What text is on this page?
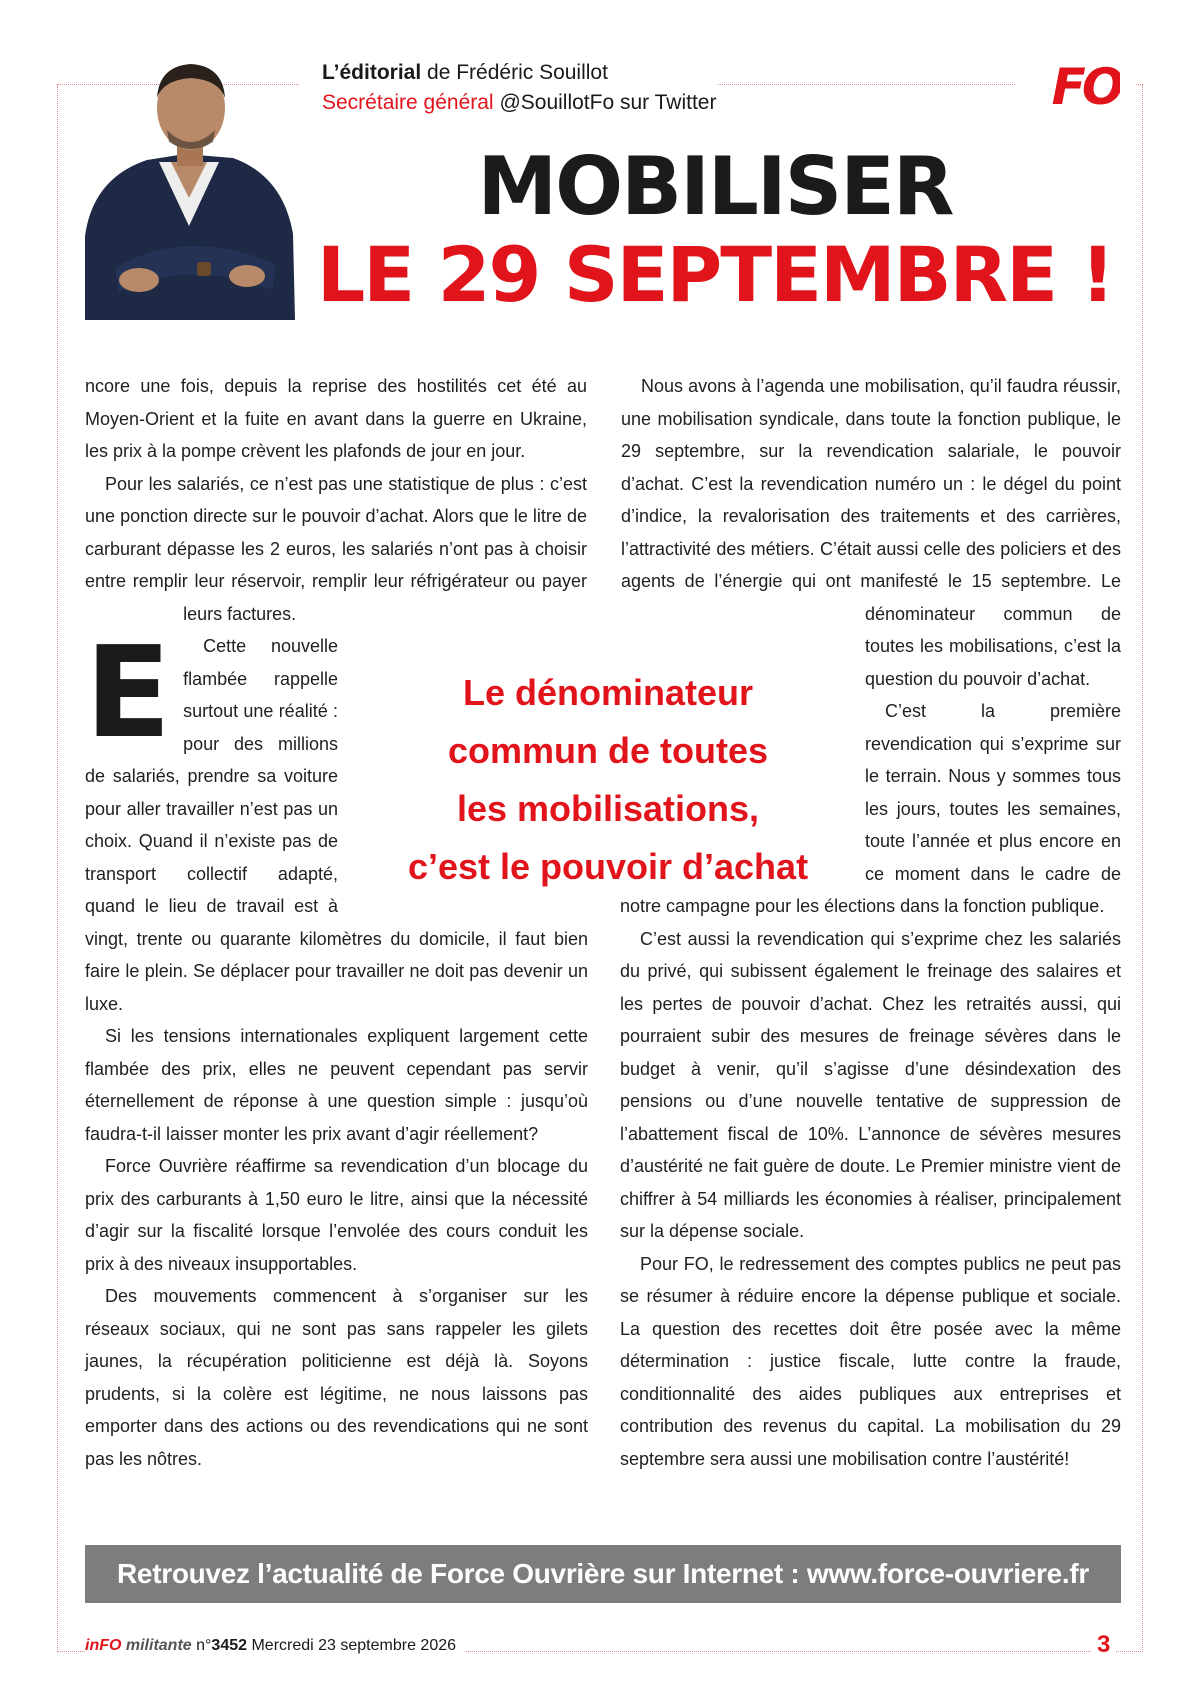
L’éditorial de Frédéric Souillot
Secrétaire général @SouillotFo sur Twitter	FO
MOBILISER
LE 29 SEPTEMBRE !

E
ncore une fois, depuis la reprise des hostilités cet été au Moyen-Orient et la fuite en avant dans la guerre en Ukraine, les prix à la pompe crèvent les plafonds de jour en jour.

Pour les salariés, ce n’est pas une statistique de plus : c’est une ponction directe sur le pouvoir d’achat. Alors que le litre de carburant dépasse les 2 euros, les salariés n’ont pas à choisir entre remplir leur réservoir, remplir leur réfrigérateur ou payer leurs factures.

Cette nouvelle flambée rappelle surtout une réalité : pour des millions de salariés, prendre sa voiture pour aller travailler n’est pas un choix. Quand il n’existe pas de transport collectif adapté, quand le lieu de travail est à vingt, trente ou quarante kilomètres du domicile, il faut bien faire le plein. Se déplacer pour travailler ne doit pas devenir un luxe.

Si les tensions internationales expliquent largement cette flambée des prix, elles ne peuvent cependant pas servir éternellement de réponse à une question simple : jusqu’où faudra-t-il laisser monter les prix avant d’agir réellement?

Force Ouvrière réaffirme sa revendication d’un blocage du prix des carburants à 1,50 euro le litre, ainsi que la nécessité d’agir sur la fiscalité lorsque l’envolée des cours conduit les prix à des niveaux insupportables.

Des mouvements commencent à s’organiser sur les réseaux sociaux, qui ne sont pas sans rappeler les gilets jaunes, la récupération politicienne est déjà là. Soyons prudents, si la colère est légitime, ne nous laissons pas emporter dans des actions ou des revendications qui ne sont pas les nôtres.

Nous avons à l’agenda une mobilisation, qu’il faudra réussir, une mobilisation syndicale, dans toute la fonction publique, le 29 septembre, sur la revendication salariale, le pouvoir d’achat. C’est la revendication numéro un : le dégel du point d’indice, la revalorisation des traitements et des carrières, l’attractivité des métiers. C’était aussi celle des policiers et des agents de l’énergie qui ont manifesté le 15 septembre. Le dénominateur commun de toutes les mobilisations, c’est la question du pouvoir d’achat.

C’est la première revendication qui s’exprime sur le terrain. Nous y sommes tous les jours, toutes les semaines, toute l’année et plus encore en ce moment dans le cadre de notre campagne pour les élections dans la fonction publique.

C’est aussi la revendication qui s’exprime chez les salariés du privé, qui subissent également le freinage des salaires et les pertes de pouvoir d’achat. Chez les retraités aussi, qui pourraient subir des mesures de freinage sévères dans le budget à venir, qu’il s’agisse d’une désindexation des pensions ou d’une nouvelle tentative de suppression de l’abattement fiscal de 10%. L’annonce de sévères mesures d’austérité ne fait guère de doute. Le Premier ministre vient de chiffrer à 54 milliards les économies à réaliser, principalement sur la dépense sociale.

Pour FO, le redressement des comptes publics ne peut pas se résumer à réduire encore la dépense publique et sociale. La question des recettes doit être posée avec la même détermination : justice fiscale, lutte contre la fraude, conditionnalité des aides publiques aux entreprises et contribution des revenus du capital. La mobilisation du 29 septembre sera aussi une mobilisation contre l’austérité!

Le dénominateur
commun de toutes
les mobilisations,
c’est le pouvoir d’achat
Retrouvez l’actualité de Force Ouvrière sur Internet : www.force-ouvriere.fr
inFO militante n°3452 Mercredi 23 septembre 2026	3
